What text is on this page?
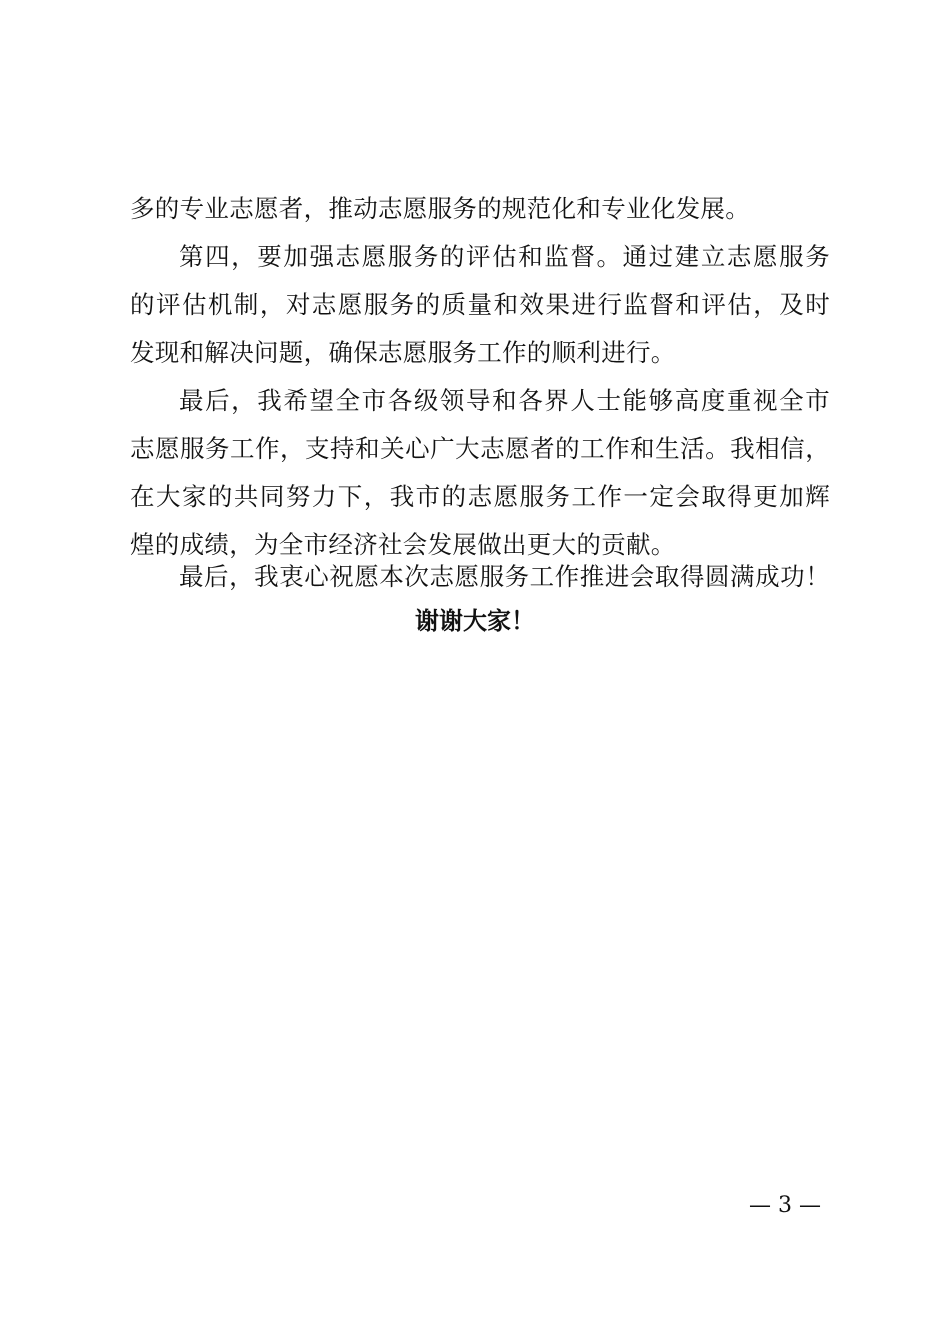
多的专业志愿者，推动志愿服务的规范化和专业化发展。
第四，要加强志愿服务的评估和监督。通过建立志愿服务
的评估机制，对志愿服务的质量和效果进行监督和评估，及时
发现和解决问题，确保志愿服务工作的顺利进行。
最后，我希望全市各级领导和各界人士能够高度重视全市
志愿服务工作，支持和关心广大志愿者的工作和生活。我相信，
在大家的共同努力下，我市的志愿服务工作一定会取得更加辉
煌的成绩，为全市经济社会发展做出更大的贡献。
最后，我衷心祝愿本次志愿服务工作推进会取得圆满成功！
谢谢大家！
— 3 —
